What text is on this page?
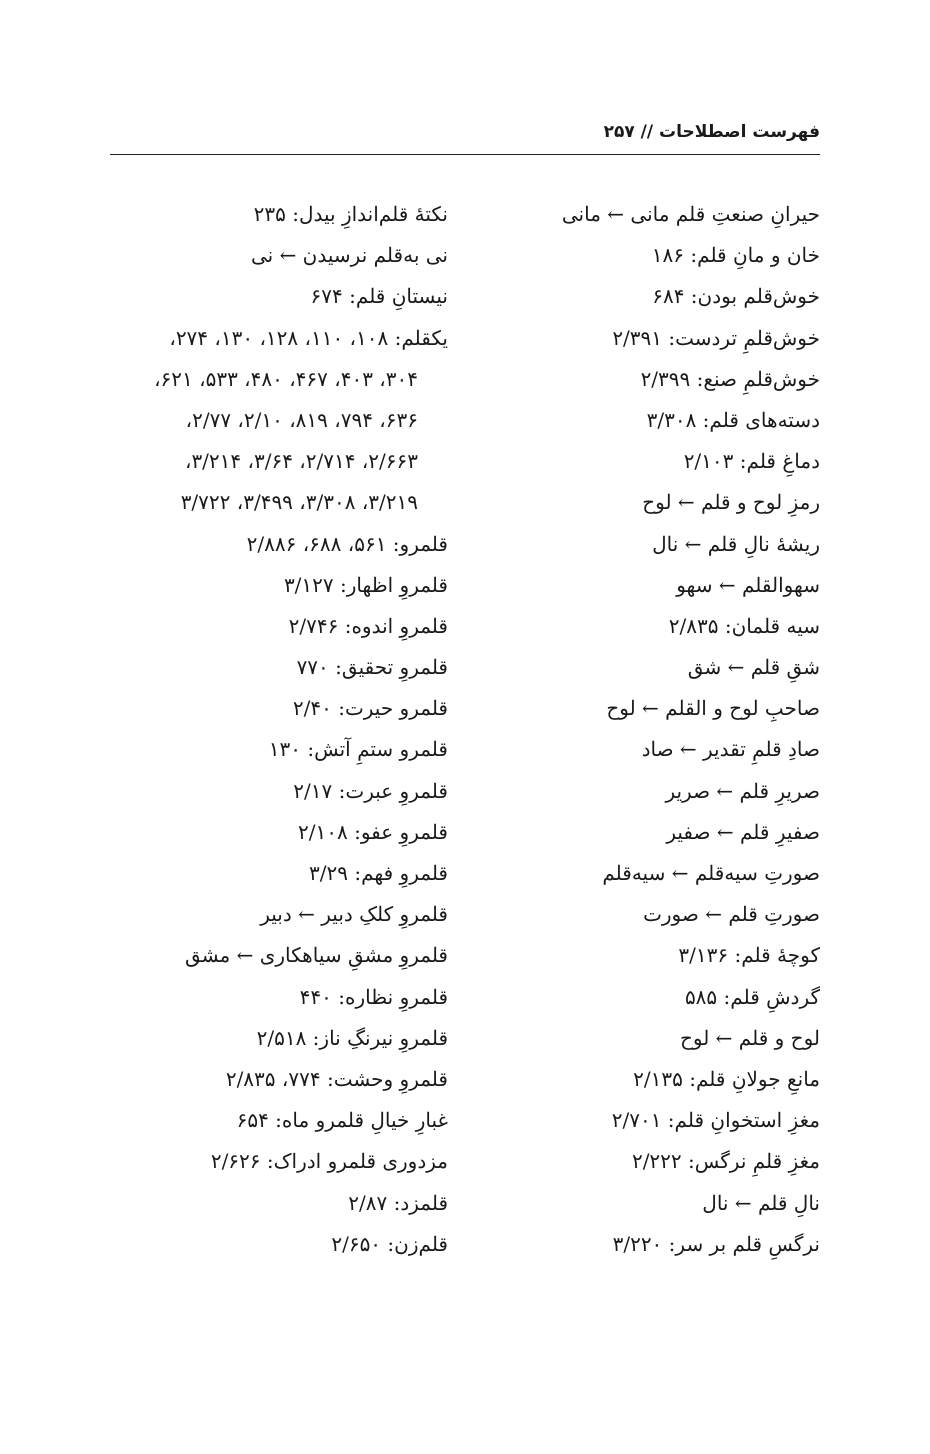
فهرست اصطلاحات // ۲۵۷
حیرانِ صنعتِ قلم مانی ← مانی
خان و مانِ قلم: ۱۸۶
خوش‌قلم بودن: ۶۸۴
خوش‌قلمِ تردست: ۲/۳۹۱
خوش‌قلمِ صنع: ۲/۳۹۹
دسته‌های قلم: ۳/۳۰۸
دماغِ قلم: ۲/۱۰۳
رمزِ لوح و قلم ← لوح
ریشهٔ نالِ قلم ← نال
سهوالقلم ← سهو
سیه قلمان: ۲/۸۳۵
شقِ قلم ← شق
صاحبِ لوح و القلم ← لوح
صادِ قلمِ تقدیر ← صاد
صریرِ قلم ← صریر
صفیرِ قلم ← صفیر
صورتِ سیه‌قلم ← سیه‌قلم
صورتِ قلم ← صورت
کوچهٔ قلم: ۳/۱۳۶
گردشِ قلم: ۵۸۵
لوح و قلم ← لوح
مانعِ جولانِ قلم: ۲/۱۳۵
مغزِ استخوانِ قلم: ۲/۷۰۱
مغزِ قلمِ نرگس: ۲/۲۲۲
نالِ قلم ← نال
نرگسِ قلم بر سر: ۳/۲۲۰
نکتهٔ قلم‌اندازِ بیدل: ۲۳۵
نی به‌قلم نرسیدن ← نی
نیستانِ قلم: ۶۷۴
یکقلم: ۱۰۸، ۱۱۰، ۱۲۸، ۱۳۰، ۲۷۴،
۳۰۴، ۴۰۳، ۴۶۷، ۴۸۰، ۵۳۳، ۶۲۱،
۶۳۶، ۷۹۴، ۸۱۹، ۲/۱۰، ۲/۷۷،
۲/۶۶۳، ۲/۷۱۴، ۳/۶۴، ۳/۲۱۴،
۳/۲۱۹، ۳/۳۰۸، ۳/۴۹۹، ۳/۷۲۲
قلمرو: ۵۶۱، ۶۸۸، ۲/۸۸۶
قلمروِ اظهار: ۳/۱۲۷
قلمروِ اندوه: ۲/۷۴۶
قلمروِ تحقیق: ۷۷۰
قلمرو حیرت: ۲/۴۰
قلمرو ستمِ آتش: ۱۳۰
قلمروِ عبرت: ۲/۱۷
قلمروِ عفو: ۲/۱۰۸
قلمروِ فهم: ۳/۲۹
قلمروِ کلکِ دبیر ← دبیر
قلمروِ مشقِ سیاهکاری ← مشق
قلمروِ نظاره: ۴۴۰
قلمروِ نیرنگِ ناز: ۲/۵۱۸
قلمروِ وحشت: ۷۷۴، ۲/۸۳۵
غبارِ خیالِ قلمرو ماه: ۶۵۴
مزدوری قلمرو ادراک: ۲/۶۲۶
قلمزد: ۲/۸۷
قلم‌زن: ۲/۶۵۰
